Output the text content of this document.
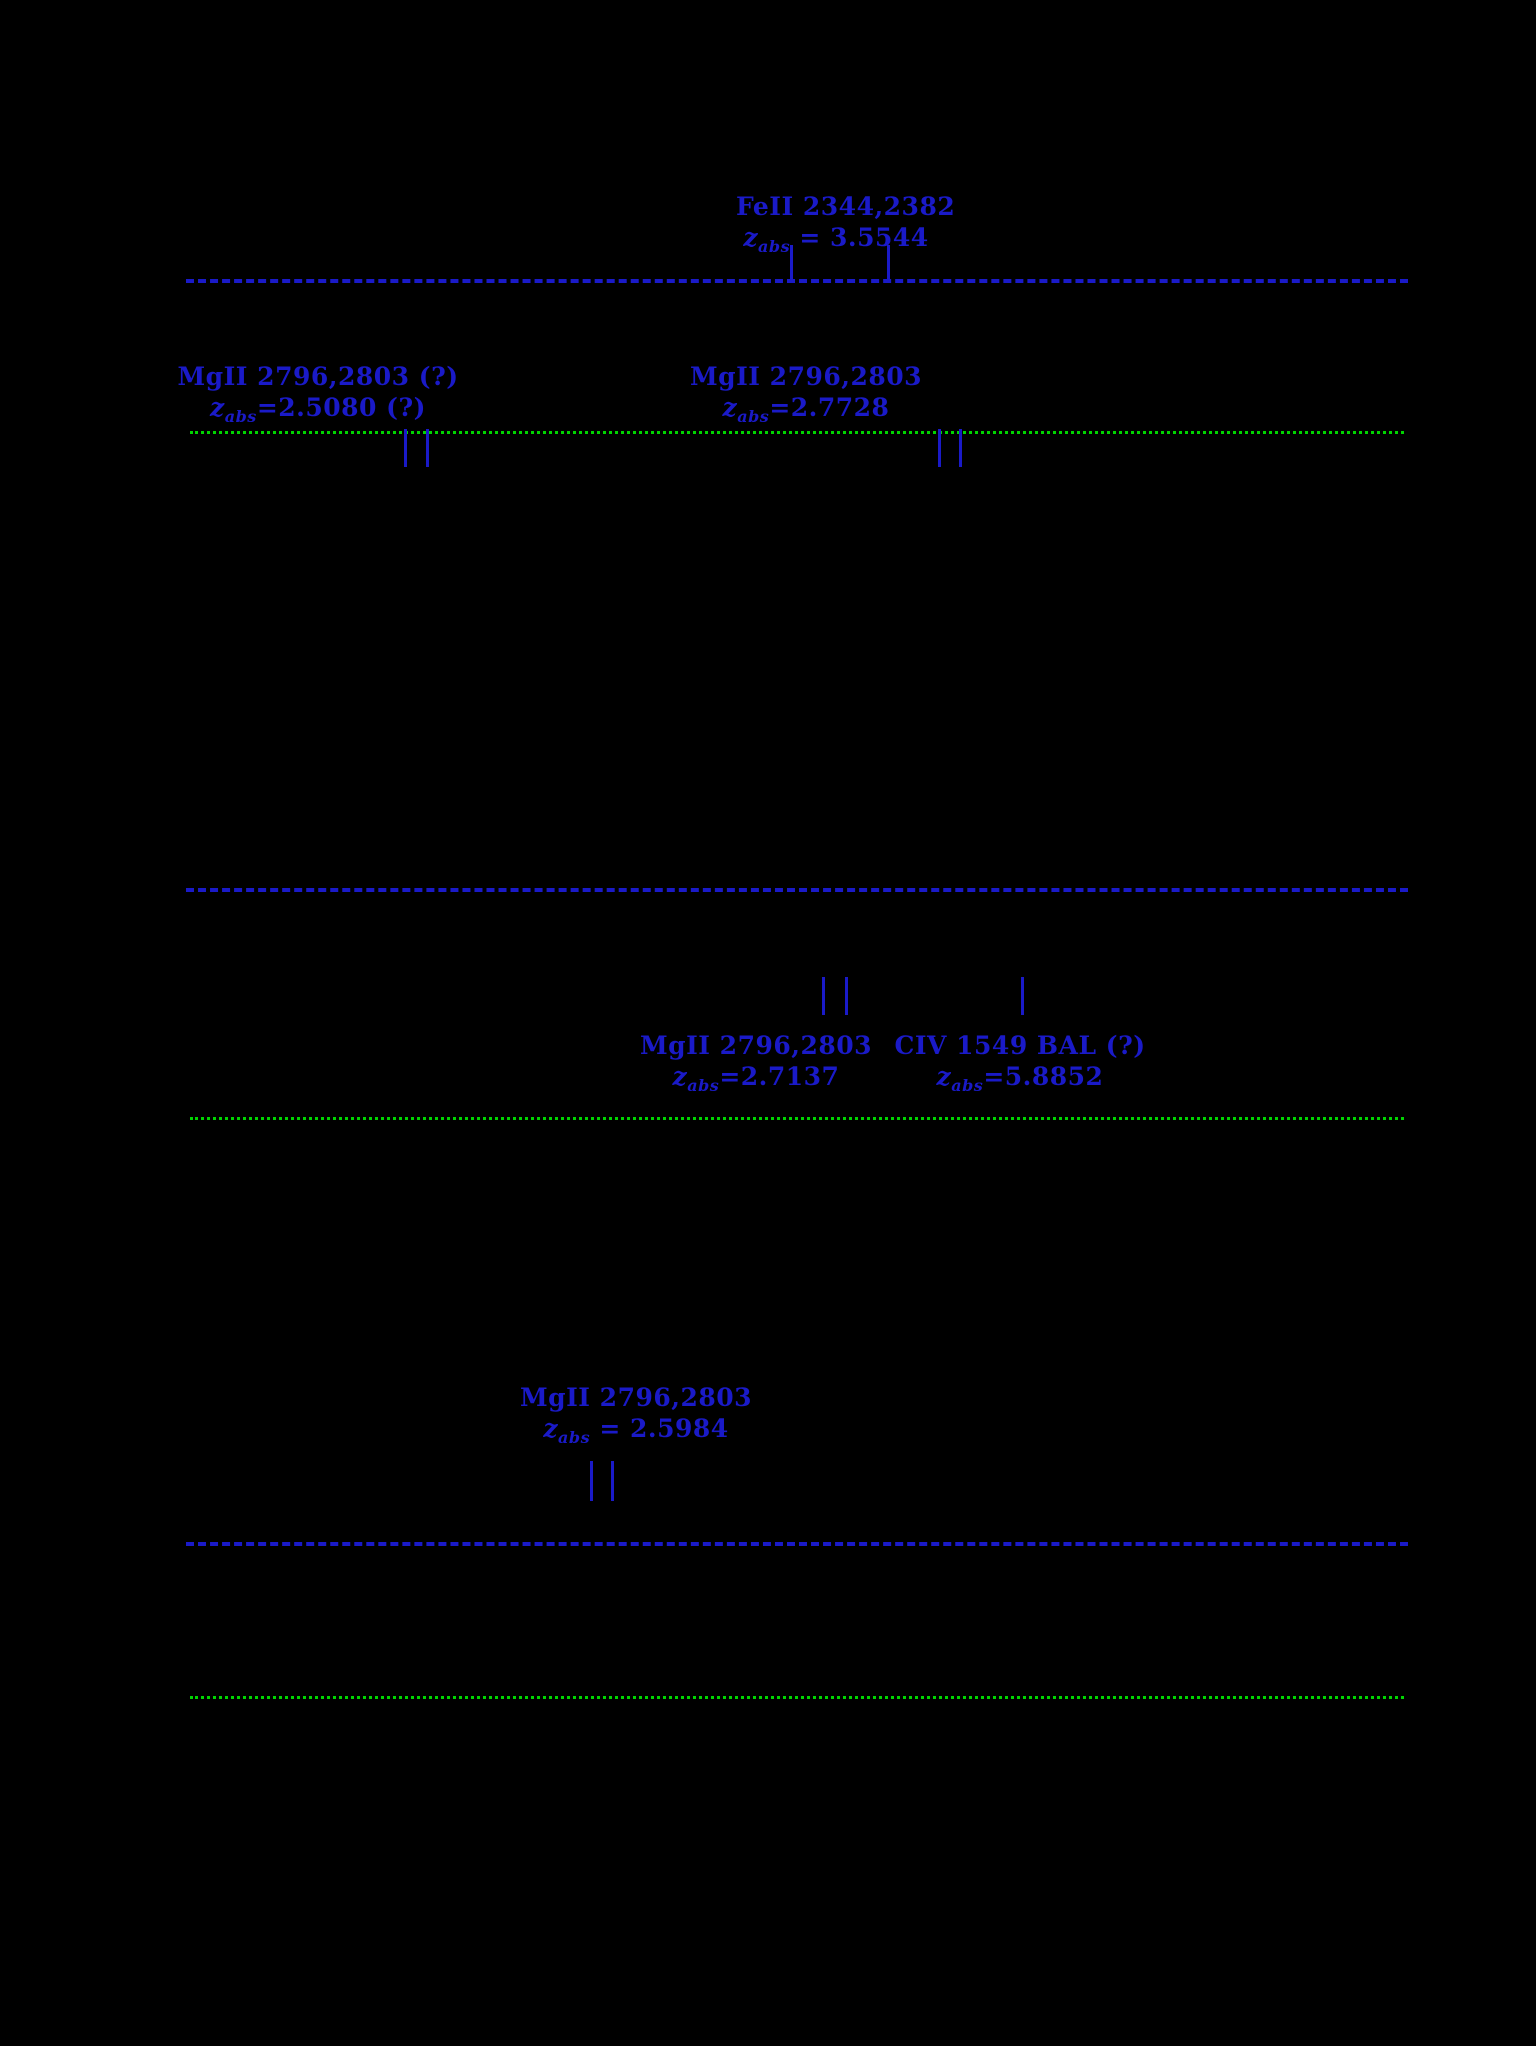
FeII 2344,2382
$z_{abs} = 3.5544$
MgII 2796,2803 (?)
$z_{abs}=2.5080$ (?)
MgII 2796,2803
$z_{abs}=2.7728$
MgII 2796,2803
$z_{abs}=2.7137$
CIV 1549 BAL (?)
$z_{abs}=5.8852$
MgII 2796,2803
$z_{abs} = 2.5984$
